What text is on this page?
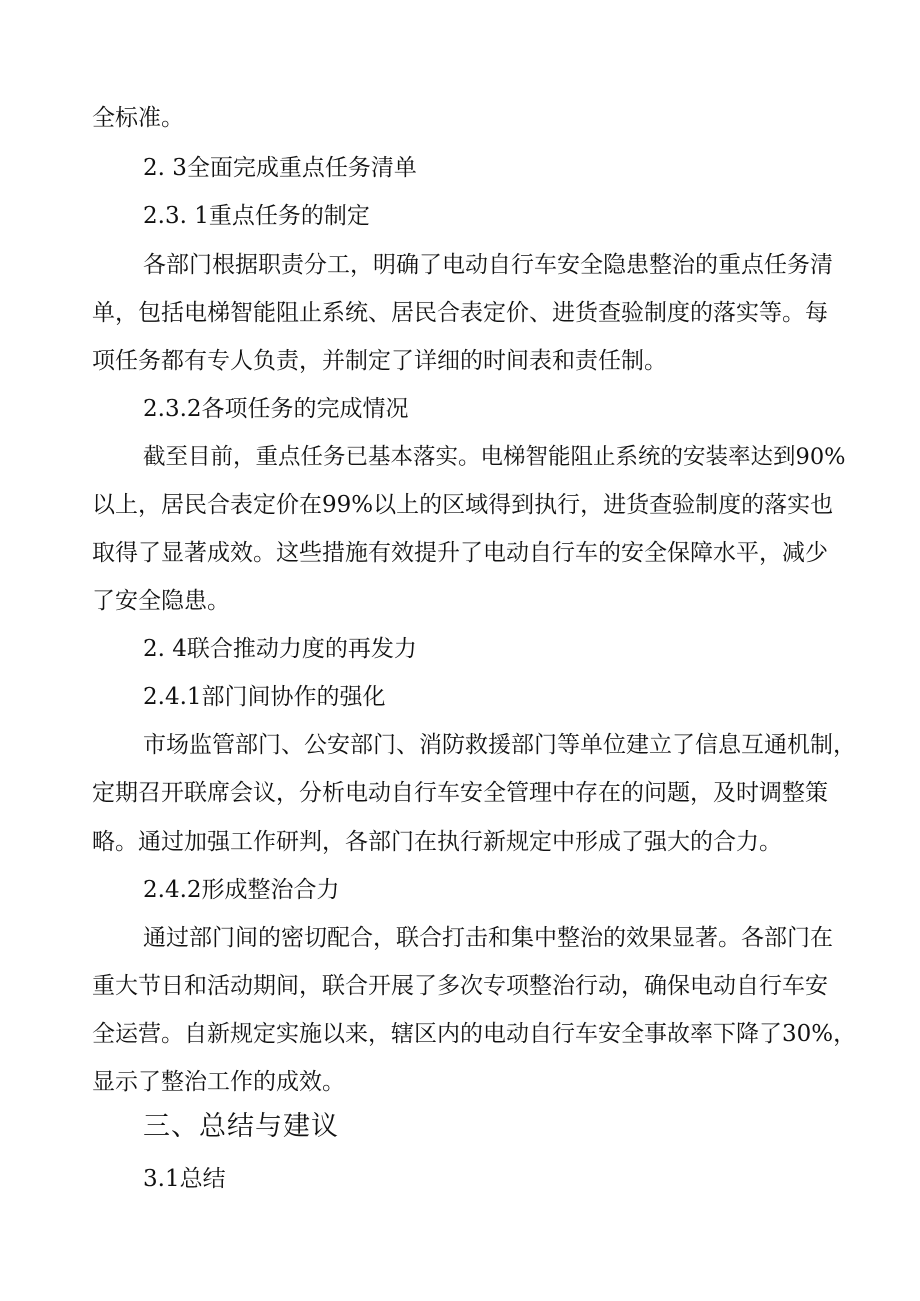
全标准。
2. 3全面完成重点任务清单
2.3. 1重点任务的制定
各部门根据职责分工，明确了电动自行车安全隐患整治的重点任务清
单，包括电梯智能阻止系统、居民合表定价、进货查验制度的落实等。每
项任务都有专人负责，并制定了详细的时间表和责任制。
2.3.2各项任务的完成情况
截至目前，重点任务已基本落实。电梯智能阻止系统的安装率达到90%
以上，居民合表定价在99%以上的区域得到执行，进货查验制度的落实也
取得了显著成效。这些措施有效提升了电动自行车的安全保障水平，减少
了安全隐患。
2. 4联合推动力度的再发力
2.4.1部门间协作的强化
市场监管部门、公安部门、消防救援部门等单位建立了信息互通机制，
定期召开联席会议，分析电动自行车安全管理中存在的问题，及时调整策
略。通过加强工作研判，各部门在执行新规定中形成了强大的合力。
2.4.2形成整治合力
通过部门间的密切配合，联合打击和集中整治的效果显著。各部门在
重大节日和活动期间，联合开展了多次专项整治行动，确保电动自行车安
全运营。自新规定实施以来，辖区内的电动自行车安全事故率下降了30%，
显示了整治工作的成效。
三、总结与建议
3.1总结
